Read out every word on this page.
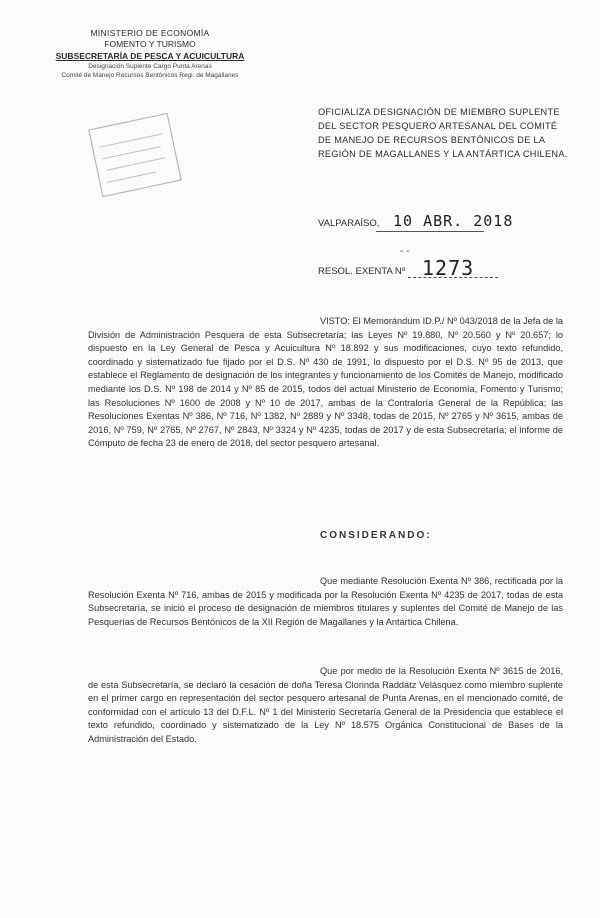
MINISTERIO DE ECONOMÍA
FOMENTO Y TURISMO
SUBSECRETARÍA DE PESCA Y ACUICULTURA
Designación Suplente Cargo Punta Arenas
Comité de Manejo Recursos Bentónicos Regi. de Magallanes
OFICIALIZA DESIGNACIÓN DE MIEMBRO SUPLENTE DEL SECTOR PESQUERO ARTESANAL DEL COMITÉ DE MANEJO DE RECURSOS BENTÓNICOS DE LA REGIÓN DE MAGALLANES Y LA ANTÁRTICA CHILENA.
VALPARAÍSO, 10 ABR. 2018
- -
RESOL. EXENTA Nº 1273
VISTO: El Memorándum ID.P./ Nº 043/2018 de la Jefa de la División de Administración Pesquera de esta Subsecretaría; las Leyes Nº 19.880, Nº 20.560 y Nº 20.657; lo dispuesto en la Ley General de Pesca y Acuicultura Nº 18.892 y sus modificaciones, cuyo texto refundido, coordinado y sistematizado fue fijado por el D.S. Nº 430 de 1991, lo dispuesto por el D.S. Nº 95 de 2013, que establece el Reglamento de designación de los integrantes y funcionamiento de los Comités de Manejo, modificado mediante los D.S. Nº 198 de 2014 y Nº 85 de 2015, todos del actual Ministerio de Economía, Fomento y Turismo; las Resoluciones Nº 1600 de 2008 y Nº 10 de 2017, ambas de la Contraloría General de la República; las Resoluciones Exentas Nº 386, Nº 716, Nº 1382, Nº 2889 y Nº 3348, todas de 2015, Nº 2765 y Nº 3615, ambas de 2016, Nº 759, Nº 2765, Nº 2767, Nº 2843, Nº 3324 y Nº 4235, todas de 2017 y de esta Subsecretaría; el informe de Cómputo de fecha 23 de enero de 2018, del sector pesquero artesanal.
CONSIDERANDO:
Que mediante Resolución Exenta Nº 386, rectificada por la Resolución Exenta Nº 716, ambas de 2015 y modificada por la Resolución Exenta Nº 4235 de 2017, todas de esta Subsecretaría, se inició el proceso de designación de miembros titulares y suplentes del Comité de Manejo de las Pesquerías de Recursos Bentónicos de la XII Región de Magallanes y la Antártica Chilena.
Que por medio de la Resolución Exenta Nº 3615 de 2016, de esta Subsecretaría, se declaró la cesación de doña Teresa Clorinda Raddatz Velásquez como miembro suplente en el primer cargo en representación del sector pesquero artesanal de Punta Arenas, en el mencionado comité, de conformidad con el artículo 13 del D.F.L. Nº 1 del Ministerio Secretaría General de la Presidencia que establece el texto refundido, coordinado y sistematizado de la Ley Nº 18.575 Orgánica Constitucional de Bases de la Administración del Estado.
